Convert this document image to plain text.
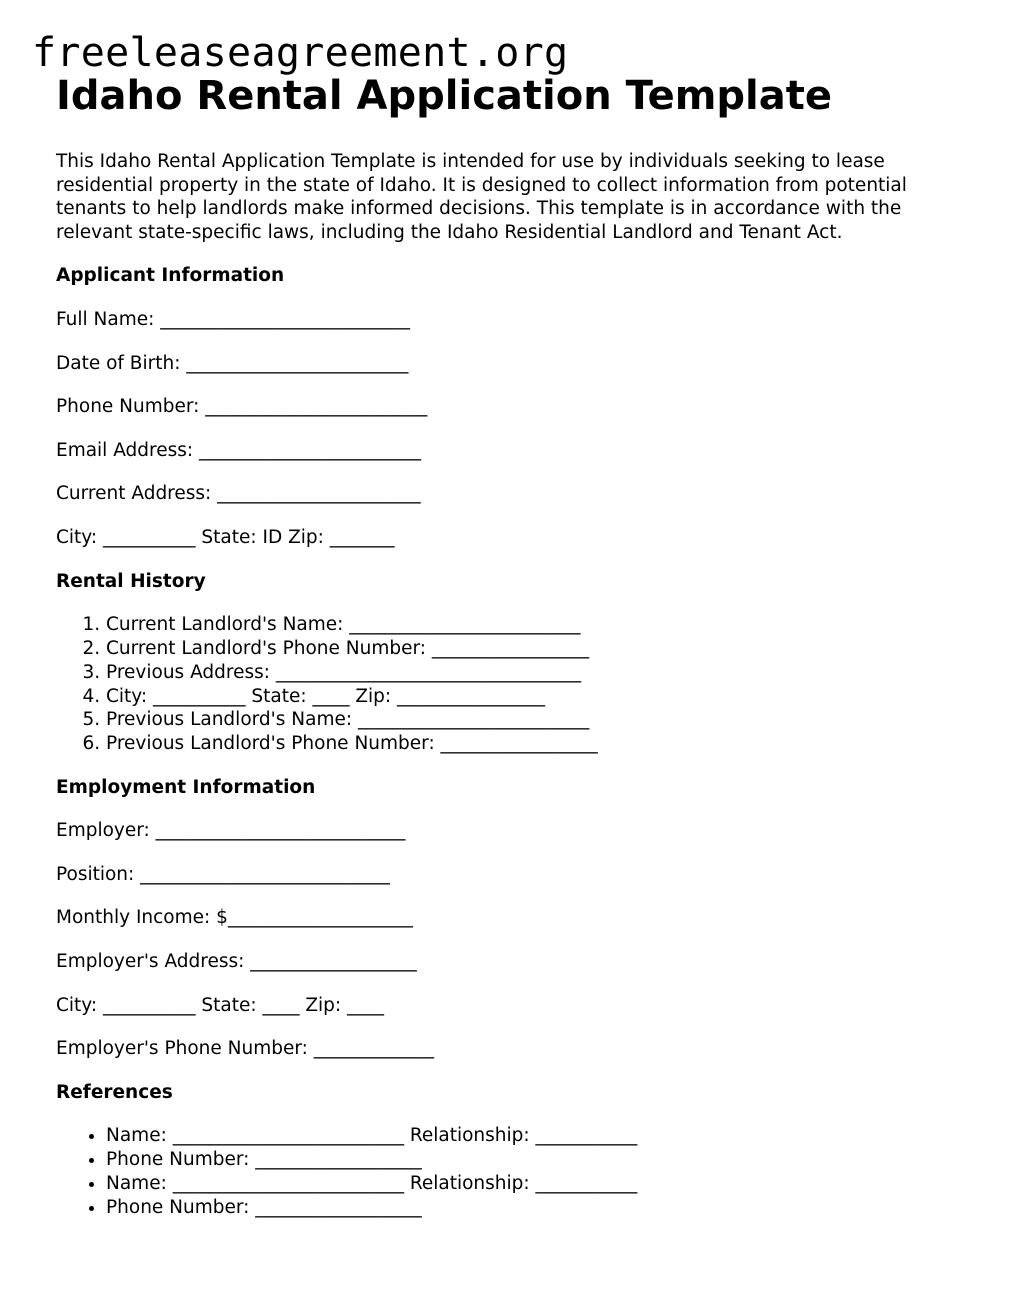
freeleaseagreement.org
Idaho Rental Application Template

This Idaho Rental Application Template is intended for use by individuals seeking to lease residential property in the state of Idaho. It is designed to collect information from potential tenants to help landlords make informed decisions. This template is in accordance with the relevant state-specific laws, including the Idaho Residential Landlord and Tenant Act.

Applicant Information

Full Name: ___________________________

Date of Birth: ________________________

Phone Number: ________________________

Email Address: ________________________

Current Address: ______________________

City: __________ State: ID Zip: _______

Rental History
1. Current Landlord's Name: _________________________
2. Current Landlord's Phone Number: _________________
3. Previous Address: _________________________________
4. City: __________ State: ____ Zip: ________________
5. Previous Landlord's Name: _________________________
6. Previous Landlord's Phone Number: _________________
Employment Information

Employer: ___________________________

Position: ___________________________

Monthly Income: $____________________

Employer's Address: __________________

City: __________ State: ____ Zip: ____

Employer's Phone Number: _____________

References
• Name: _________________________ Relationship: ___________
• Phone Number: __________________
• Name: _________________________ Relationship: ___________
• Phone Number: __________________
